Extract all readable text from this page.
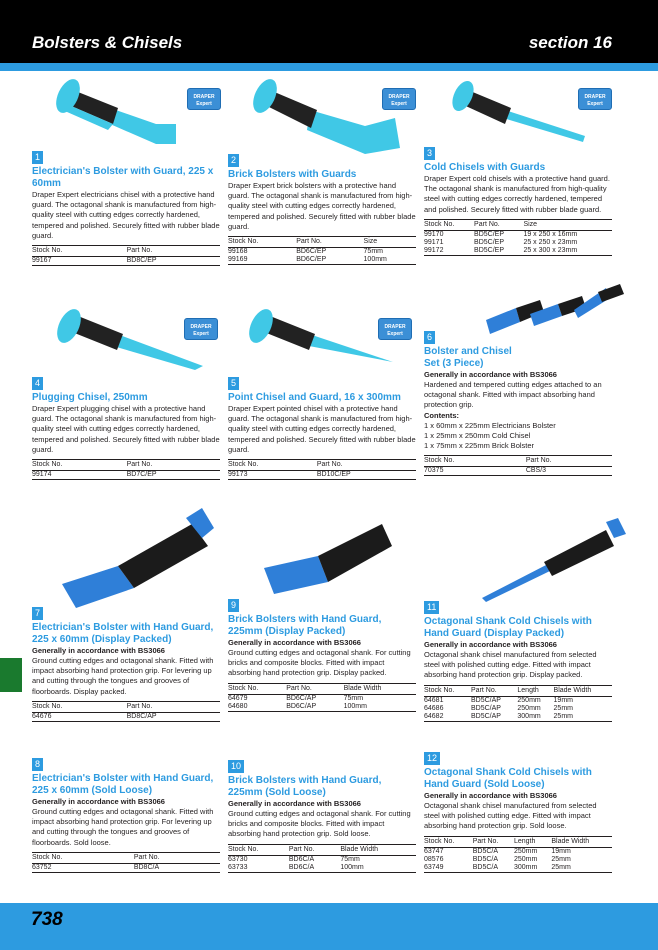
Bolsters & Chisels	section 16
DRAPER
Expert
DRAPER
Expert
DRAPER
Expert
DRAPER
Expert
DRAPER
Expert
1
Electrician's Bolster with Guard, 225 x 60mm
Draper Expert electricians chisel with a protective hand guard. The octagonal shank is manufactured from high-quality steel with cutting edges correctly hardened, tempered and polished. Securely fitted with rubber blade guard.
Stock No.	Part No.
99167	BD8C/EP
2
Brick Bolsters with Guards
Draper Expert brick bolsters with a protective hand guard. The octagonal shank is manufactured from high-quality steel with cutting edges correctly hardened, tempered and polished. Securely fitted with rubber blade guard.
Stock No.	Part No.	Size
99168	BD6C/EP	75mm
99169	BD6C/EP	100mm
3
Cold Chisels with Guards
Draper Expert cold chisels with a protective hand guard. The octagonal shank is manufactured from high-quality steel with cutting edges correctly hardened, tempered and polished. Securely fitted with rubber blade guard.
Stock No.	Part No.	Size
99170	BD5C/EP	19 x 250 x 16mm
99171	BD5C/EP	25 x 250 x 23mm
99172	BD5C/EP	25 x 300 x 23mm
4
Plugging Chisel, 250mm
Draper Expert plugging chisel with a protective hand guard. The octagonal shank is manufactured from high-quality steel with cutting edges correctly hardened, tempered and polished. Securely fitted with rubber blade guard.
Stock No.	Part No.
99174	BD7C/EP
5
Point Chisel and Guard, 16 x 300mm
Draper Expert pointed chisel with a protective hand guard. The octagonal shank is manufactured from high-quality steel with cutting edges correctly hardened, tempered and polished. Securely fitted with rubber blade guard.
Stock No.	Part No.
99173	BD10C/EP
6
Bolster and Chisel Set (3 Piece)
Generally in accordance with BS3066
Hardened and tempered cutting edges attached to an octagonal shank. Fitted with impact absorbing hand protection grip.
Contents:
1 x 60mm x 225mm Electricians Bolster
1 x 25mm x 250mm Cold Chisel
1 x 75mm x 225mm Brick Bolster
Stock No.	Part No.
70375	CBS/3
7
Electrician's Bolster with Hand Guard, 225 x 60mm (Display Packed)
Generally in accordance with BS3066
Ground cutting edges and octagonal shank. Fitted with impact absorbing hand protection grip. For levering up and cutting through the tongues and grooves of floorboards. Display packed.
Stock No.	Part No.
64676	BD8C/AP
8
Electrician's Bolster with Hand Guard, 225 x 60mm (Sold Loose)
Generally in accordance with BS3066
Ground cutting edges and octagonal shank. Fitted with impact absorbing hand protection grip. For levering up and cutting through the tongues and grooves of floorboards. Sold loose.
Stock No.	Part No.
63752	BD8C/A
9
Brick Bolsters with Hand Guard, 225mm (Display Packed)
Generally in accordance with BS3066
Ground cutting edges and octagonal shank. For cutting bricks and composite blocks. Fitted with impact absorbing hand protection grip. Display packed.
Stock No.	Part No.	Blade Width
64679	BD6C/AP	75mm
64680	BD6C/AP	100mm
10
Brick Bolsters with Hand Guard, 225mm (Sold Loose)
Generally in accordance with BS3066
Ground cutting edges and octagonal shank. For cutting bricks and composite blocks. Fitted with impact absorbing hand protection grip. Sold loose.
Stock No.	Part No.	Blade Width
63730	BD6C/A	75mm
63733	BD6C/A	100mm
11
Octagonal Shank Cold Chisels with Hand Guard (Display Packed)
Generally in accordance with BS3066
Octagonal shank chisel manufactured from selected steel with polished cutting edge. Fitted with impact absorbing hand protection grip. Display packed.
Stock No.	Part No.	Length	Blade Width
64681	BD5C/AP	250mm	19mm
64686	BD5C/AP	250mm	25mm
64682	BD5C/AP	300mm	25mm
12
Octagonal Shank Cold Chisels with Hand Guard (Sold Loose)
Generally in accordance with BS3066
Octagonal shank chisel manufactured from selected steel with polished cutting edge. Fitted with impact absorbing hand protection grip. Sold loose.
Stock No.	Part No.	Length	Blade Width
63747	BD5C/A	250mm	19mm
08576	BD5C/A	250mm	25mm
63749	BD5C/A	300mm	25mm
738
